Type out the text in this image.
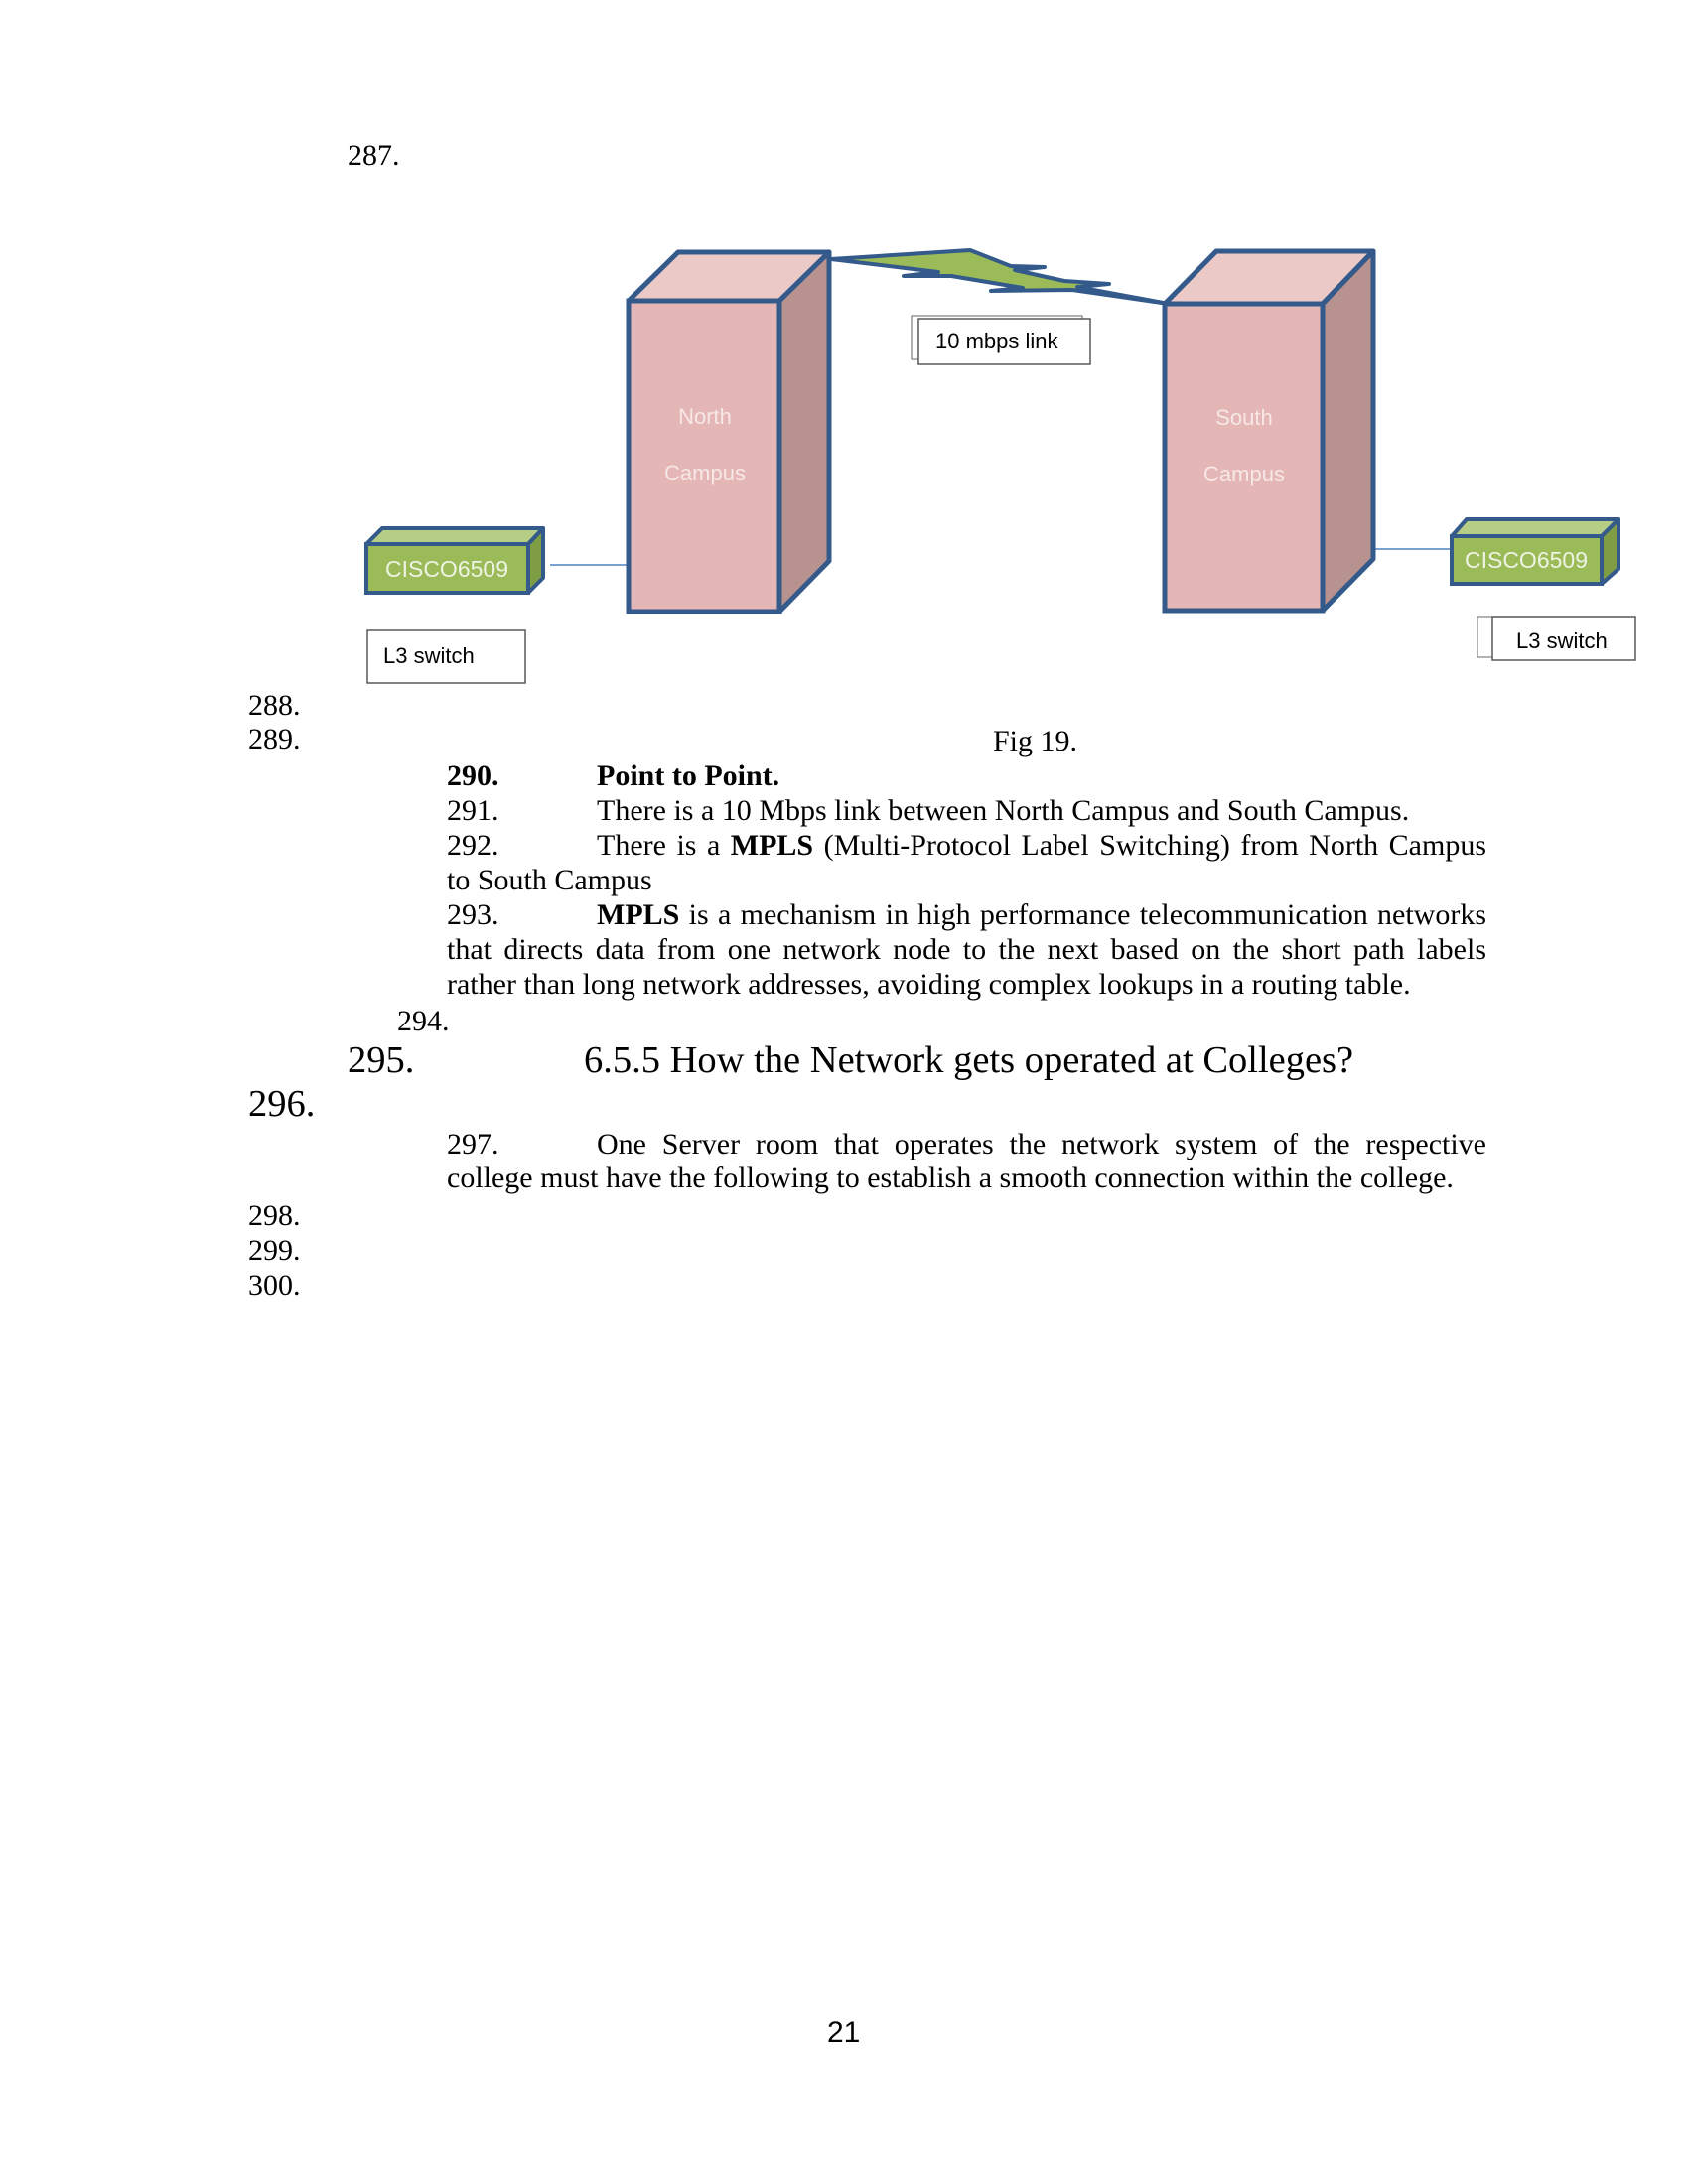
287.
North
Campus
South
Campus
10 mbps link
CISCO6509
L3 switch
CISCO6509
L3 switch
288.
289.	Fig 19.
290.	Point to Point.
291.	There is a 10 Mbps link between North Campus and South Campus.
292.	There is a MPLS (Multi-Protocol Label Switching) from North Campus
to South Campus
293.	MPLS is a mechanism in high performance telecommunication networks
that directs data from one network node to the next based on the short path labels
rather than long network addresses, avoiding complex lookups in a routing table.
294.
295.	6.5.5 How the Network gets operated at Colleges?
296.
297.	One Server room that operates the network system of the respective
college must have the following to establish a smooth connection within the college.
298.
299.
300.
21
